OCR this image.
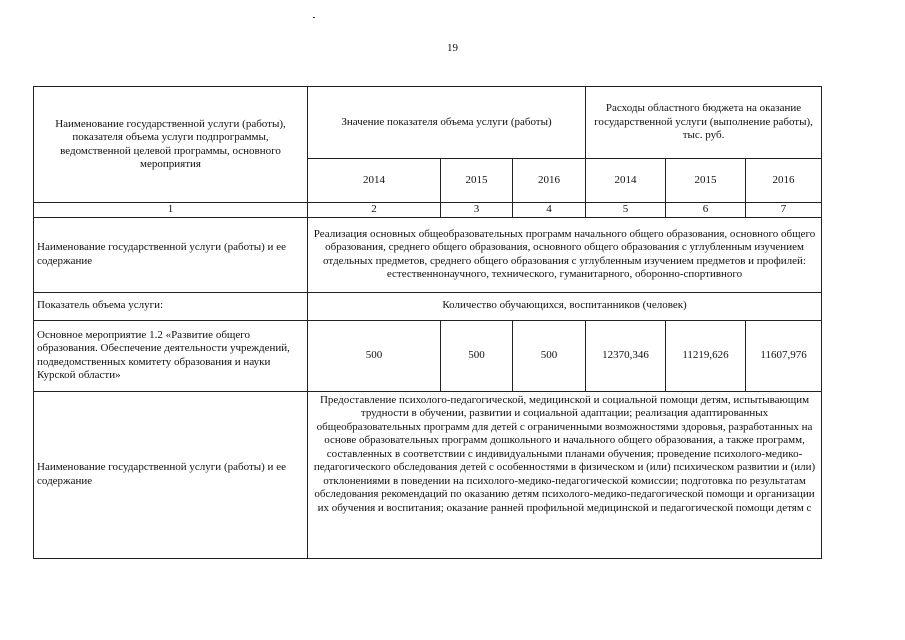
19
Наименование государственной услуги (работы), показателя объема услуги подпрограммы, ведомственной целевой программы, основного мероприятия	Значение показателя объема услуги (работы)			Расходы областного бюджета на оказание государственной услуги (выполнение работы), тыс. руб.		
	2014	2015	2016	2014	2015	2016
1	2	3	4	5	6	7
Наименование государственной услуги (работы) и ее содержание	Реализация основных общеобразовательных программ начального общего образования, основного общего образования, среднего общего образования, основного общего образования с углубленным изучением отдельных предметов, среднего общего образования с углубленным изучением предметов и профилей: естественнонаучного, технического, гуманитарного, оборонно-спортивного					
Показатель объема услуги:	Количество обучающихся, воспитанников (человек)					
Основное мероприятие 1.2 «Развитие общего образования. Обеспечение деятельности учреждений, подведомственных комитету образования и науки Курской области»	500	500	500	12370,346	11219,626	11607,976
Наименование государственной услуги (работы) и ее содержание	Предоставление психолого-педагогической, медицинской и социальной помощи детям, испытывающим трудности в обучении, развитии и социальной адаптации; реализация адаптированных общеобразовательных программ для детей с ограниченными возможностями здоровья, разработанных на основе образовательных программ дошкольного и начального общего образования, а также программ, составленных в соответствии с индивидуальными планами обучения; проведение психолого-медико-педагогического обследования детей с особенностями в физическом и (или) психическом развитии и (или) отклонениями в поведении на психолого-медико-педагогической комиссии; подготовка по результатам обследования рекомендаций по оказанию детям психолого-медико-педагогической помощи и организации их обучения и воспитания; оказание ранней профильной медицинской и педагогической помощи детям с					
